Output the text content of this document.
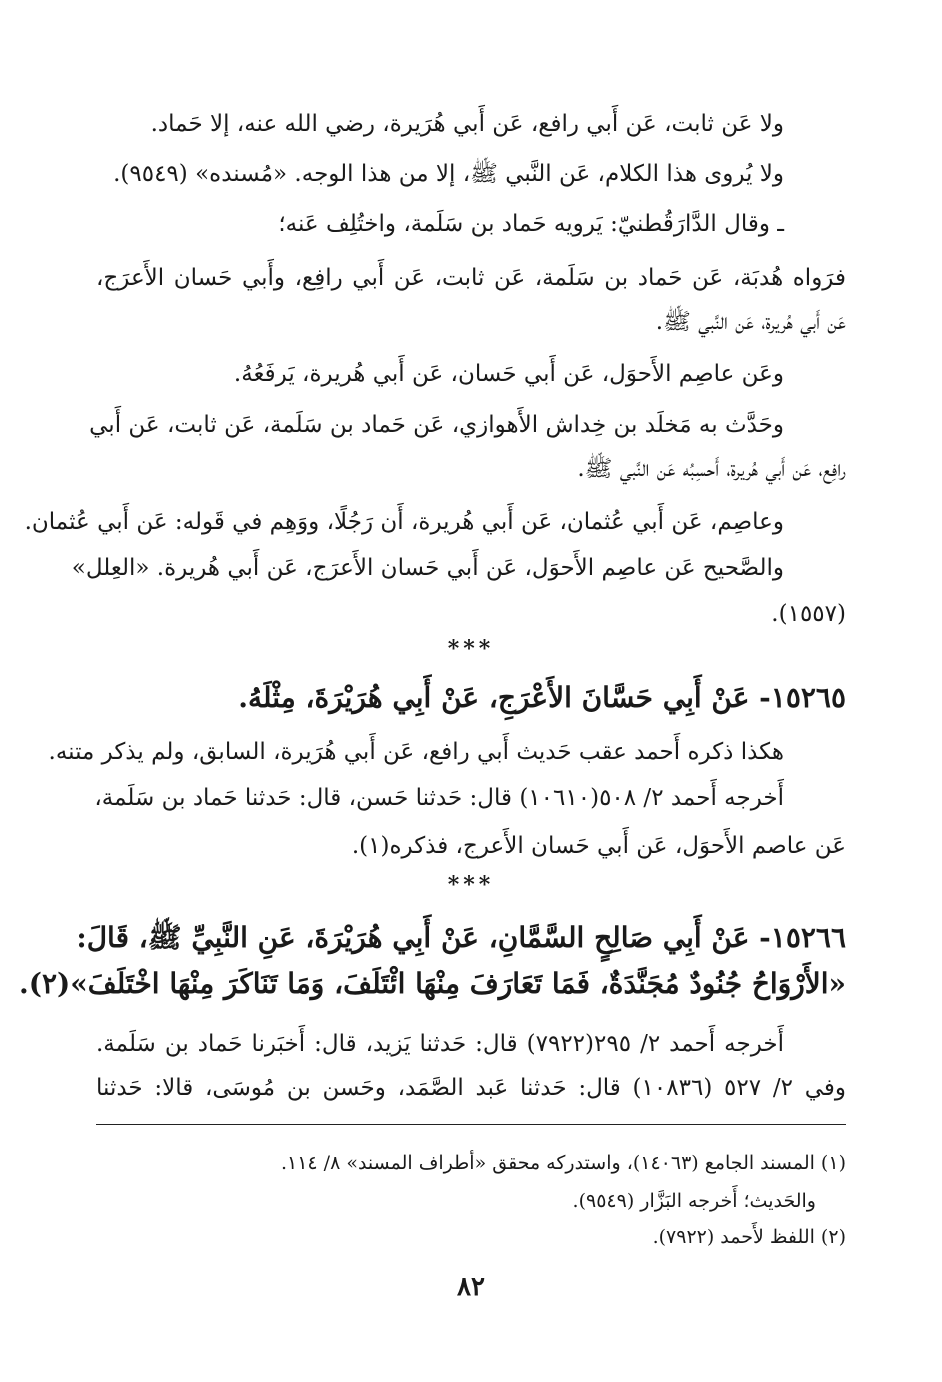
ولا عَن ثابت، عَن أَبي رافع، عَن أَبي هُرَيرة، رضي الله عنه، إلا حَماد.
ولا يُروى هذا الكلام، عَن النَّبي ﷺ، إلا من هذا الوجه. «مُسنده» (٩٥٤٩).
ـ وقال الدَّارَقُطنيّ: يَرويه حَماد بن سَلَمة، واختُلِف عَنه؛
فرَواه هُدبَة، عَن حَماد بن سَلَمة، عَن ثابت، عَن أَبي رافِع، وأَبي حَسان الأَعرَج،
عَن أَبي هُريرة، عَن النَّبي ﷺ.
وعَن عاصِم الأَحوَل، عَن أَبي حَسان، عَن أَبي هُريرة، يَرفَعُهُ.
وحَدَّث به مَخلَد بن خِداش الأَهوازي، عَن حَماد بن سَلَمة، عَن ثابت، عَن أَبي
رافِع، عَن أَبي هُريرة، أَحسِبُه عَن النَّبي ﷺ.
وعاصِم، عَن أَبي عُثمان، عَن أَبي هُريرة، أَن رَجُلًا، ووَهِم في قَوله: عَن أَبي عُثمان.
والصَّحيح عَن عاصِم الأَحوَل، عَن أَبي حَسان الأَعرَج، عَن أَبي هُريرة. «العِلل»
(١٥٥٧).
***
١٥٢٦٥- عَنْ أَبِي حَسَّانَ الأَعْرَجِ، عَنْ أَبِي هُرَيْرَةَ، مِثْلَهُ.
هكذا ذكره أَحمد عقب حَديث أَبي رافع، عَن أَبي هُرَيرة، السابق، ولم يذكر متنه.
أَخرجه أَحمد ٢/ ٥٠٨(١٠٦١٠) قال: حَدثنا حَسن، قال: حَدثنا حَماد بن سَلَمة،
عَن عاصم الأَحوَل، عَن أَبي حَسان الأَعرج، فذكره(١).
***
١٥٢٦٦- عَنْ أَبِي صَالِحٍ السَّمَّانِ، عَنْ أَبِي هُرَيْرَةَ، عَنِ النَّبِيِّ ﷺ، قَالَ:
«الأَرْوَاحُ جُنُودٌ مُجَنَّدَةٌ، فَمَا تَعَارَفَ مِنْهَا ائْتَلَفَ، وَمَا تَنَاكَرَ مِنْهَا اخْتَلَفَ»(٢).
أَخرجه أَحمد ٢/ ٢٩٥(٧٩٢٢) قال: حَدثنا يَزيد، قال: أَخبَرنا حَماد بن سَلَمة.
وفي ٢/ ٥٢٧ (١٠٨٣٦) قال: حَدثنا عَبد الصَّمَد، وحَسن بن مُوسَى، قالا: حَدثنا
(١) المسند الجامع (١٤٠٦٣)، واستدركه محقق «أطراف المسند» ٨/ ١١٤.
والحَديث؛ أَخرجه البَزَّار (٩٥٤٩).
(٢) اللفظ لأَحمد (٧٩٢٢).
٨٢
